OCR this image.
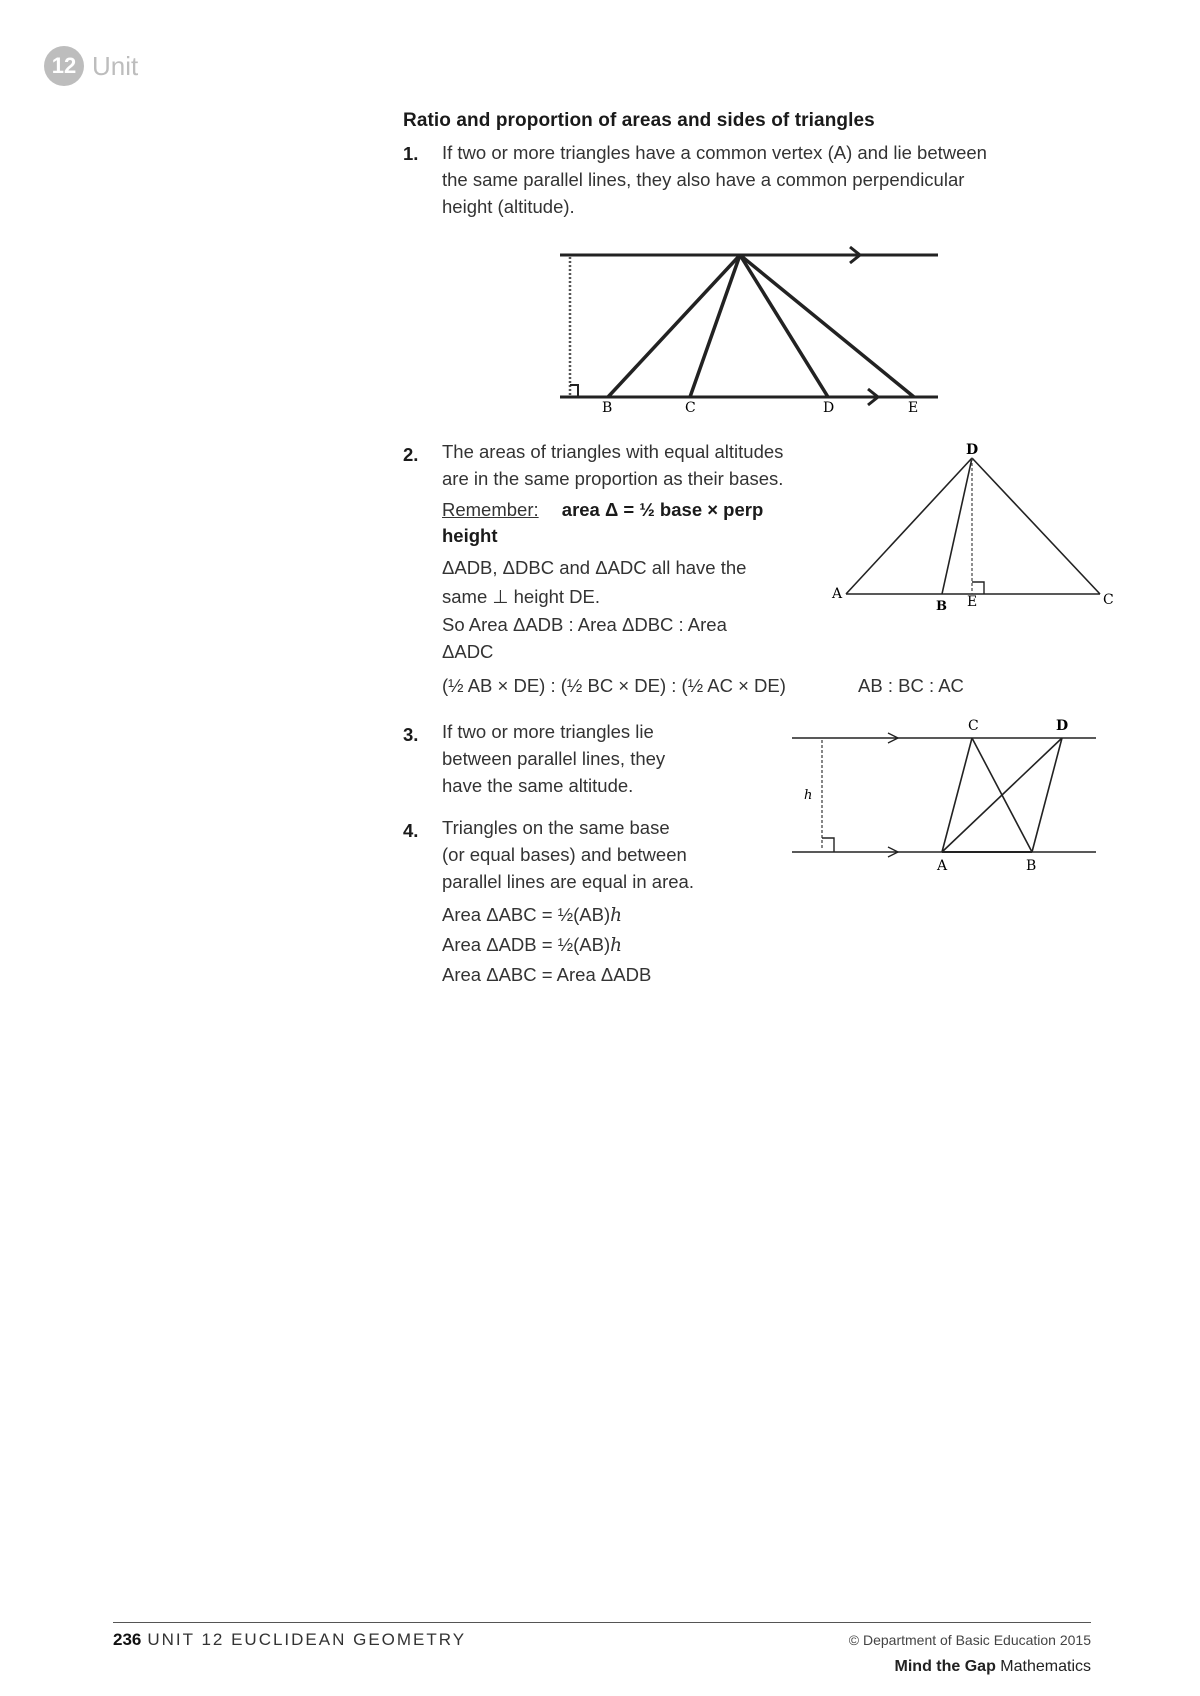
12 Unit
Ratio and proportion of areas and sides of triangles
1. If two or more triangles have a common vertex (A) and lie between
the same parallel lines, they also have a common perpendicular
height (altitude).
B	C	D	E
2. The areas of triangles with equal altitudes
are in the same proportion as their bases.
Remember: area Δ = ½ base × perp
height
ΔADB, ΔDBC and ΔADC all have the
same ⊥ height DE.
So Area ΔADB : Area ΔDBC : Area
ΔADC
(½ AB × DE) : (½ BC × DE) : (½ AC × DE)	AB : BC : AC
D
A
B E	C
3. If two or more triangles lie
between parallel lines, they
have the same altitude.
4. Triangles on the same base
(or equal bases) and between
parallel lines are equal in area.
Area ΔABC = ½(AB)h
Area ΔADB = ½(AB)h
Area ΔABC = Area ΔADB
C	D
h
A	B
236 UNIT 12 EUCLIDEAN GEOMETRY	© Department of Basic Education 2015
Mind the Gap Mathematics
